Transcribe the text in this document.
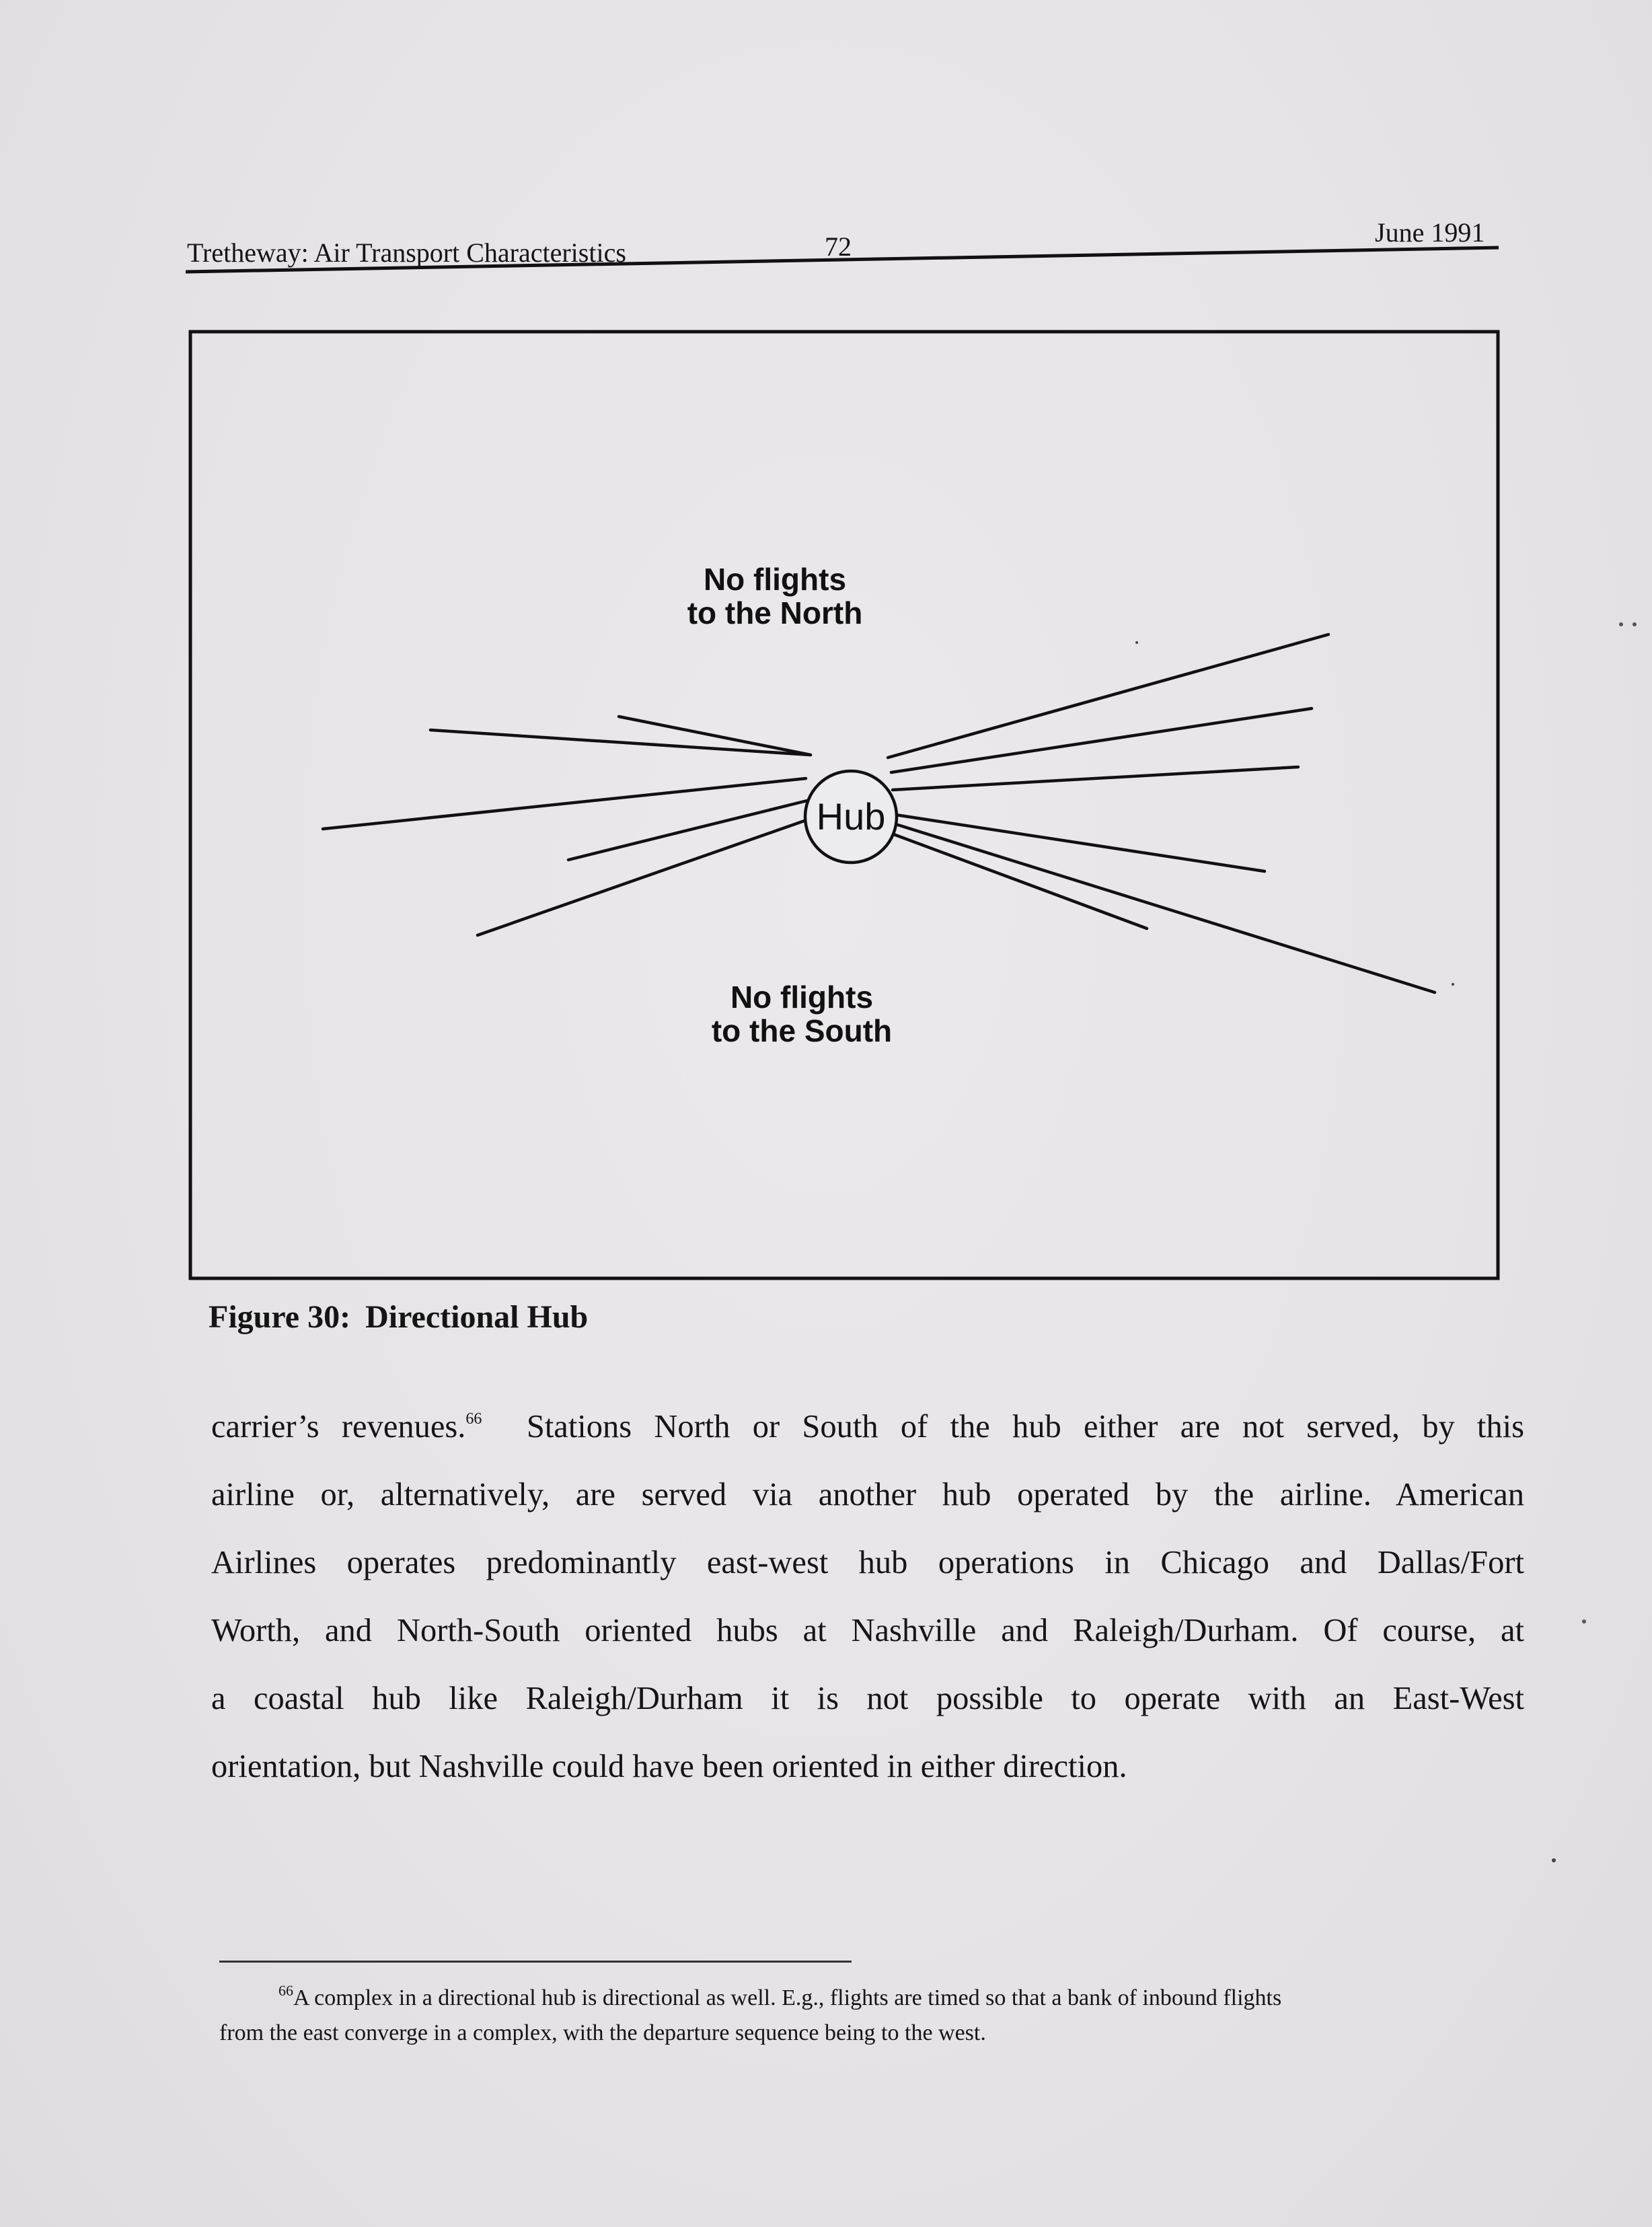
Tretheway: Air Transport Characteristics	72	June 1991
Hub
No flights
to the North
No flights
to the South
Figure 30: Directional Hub
carrier’s revenues.$^{66}$ Stations North or South of the hub either are not served, by this
airline or, alternatively, are served via another hub operated by the airline. American
Airlines operates predominantly east-west hub operations in Chicago and Dallas/Fort
Worth, and North-South oriented hubs at Nashville and Raleigh/Durham. Of course, at
a coastal hub like Raleigh/Durham it is not possible to operate with an East-West
orientation, but Nashville could have been oriented in either direction.
$^{66}$A complex in a directional hub is directional as well. E.g., flights are timed so that a bank of inbound flights
from the east converge in a complex, with the departure sequence being to the west.
